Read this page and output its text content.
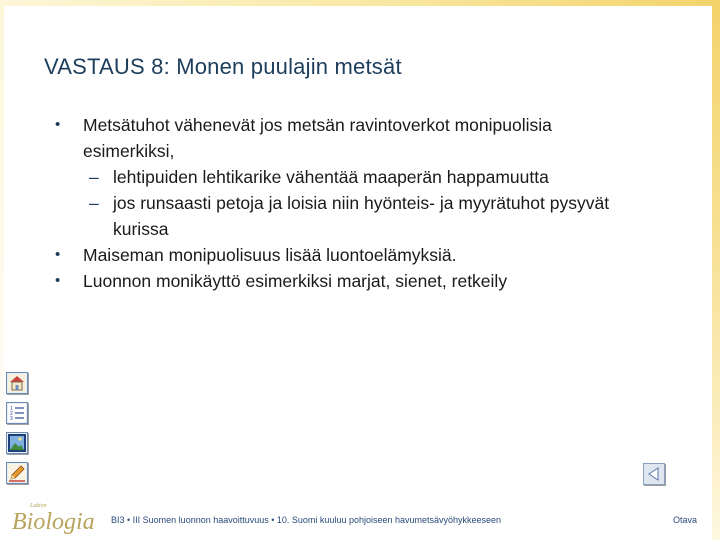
VASTAUS 8: Monen puulajin metsät
• Metsätuhot vähenevät jos metsän ravintoverkot monipuolisia
esimerkiksi,
– lehtipuiden lehtikarike vähentää maaperän happamuutta
– jos runsaasti petoja ja loisia niin hyönteis- ja myyrätuhot pysyvät
kurissa
• Maiseman monipuolisuus lisää luontoelämyksiä.
• Luonnon monikäyttö esimerkiksi marjat, sienet, retkeily
1
2
3
Lukion
Biologia BI3 • III Suomen luonnon haavoittuvuus • 10. Suomi kuuluu pohjoiseen havumetsävyöhykkeeseen	Otava
